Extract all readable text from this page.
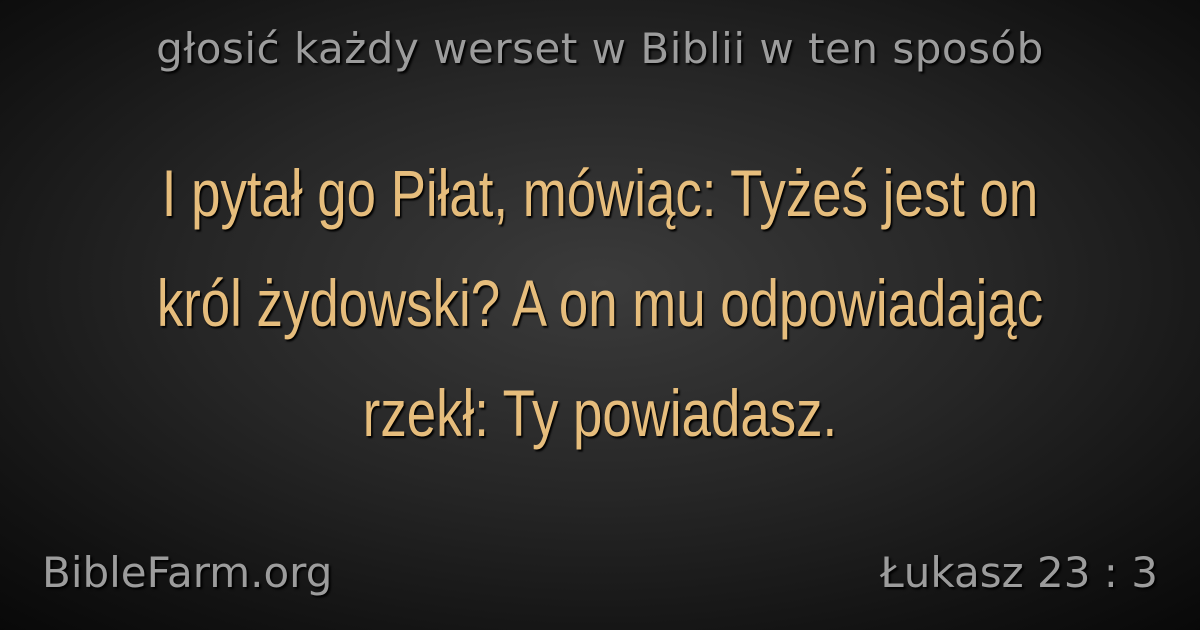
głosić każdy werset w Biblii w ten sposób
I pytał go Piłat, mówiąc: Tyżeś jest on król żydowski? A on mu odpowiadając rzekł: Ty powiadasz.
BibleFarm.org	Łukasz 23 : 3
